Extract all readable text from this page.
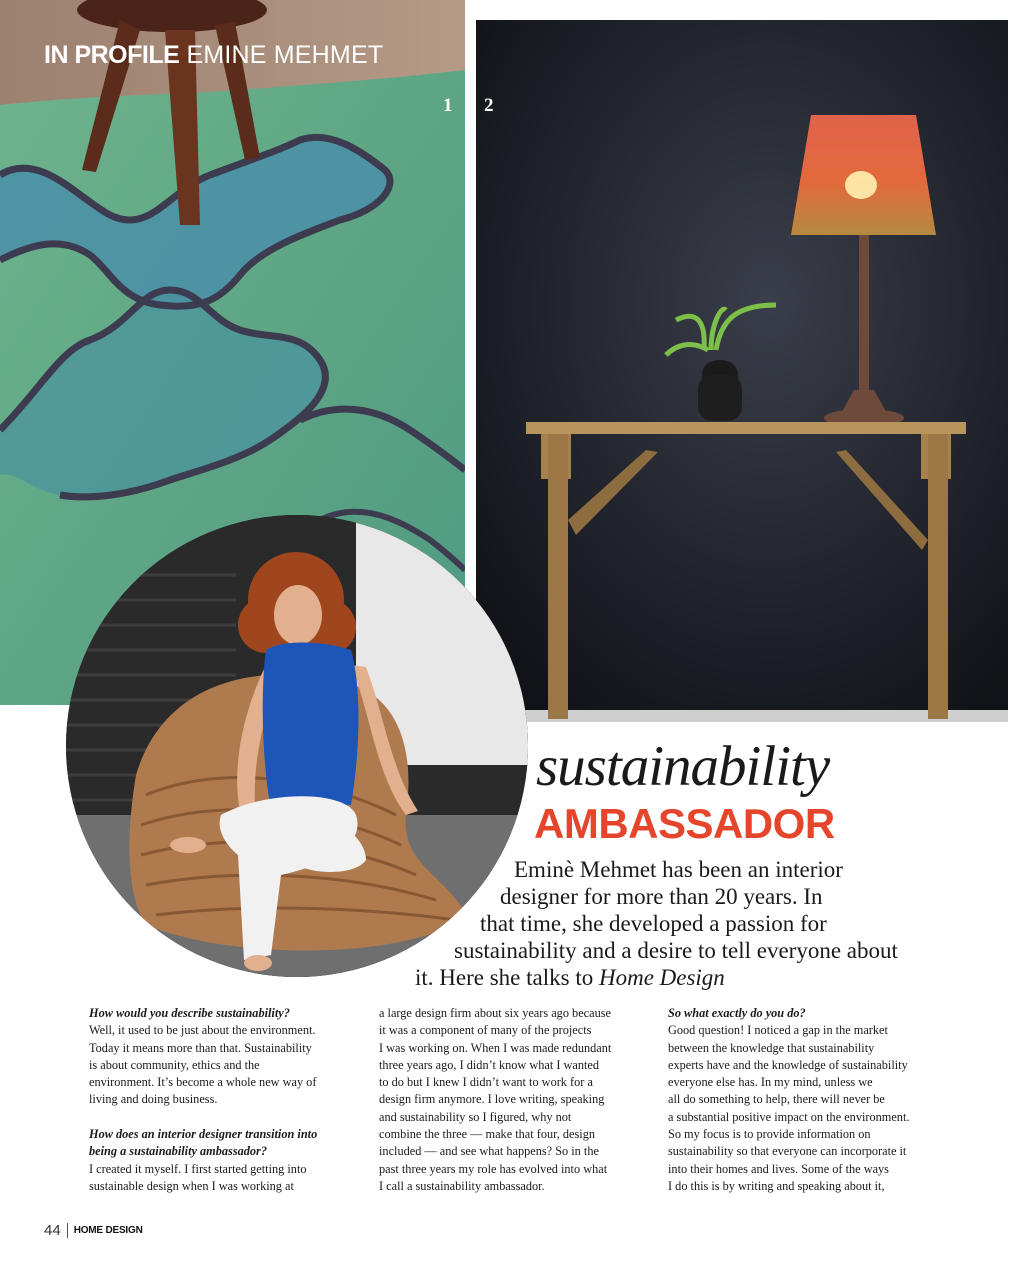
IN PROFILE EMINE MEHMET
1 2
sustainability
AMBASSADOR
Eminè Mehmet has been an interior
designer for more than 20 years. In
that time, she developed a passion for
sustainability and a desire to tell everyone about
it. Here she talks to Home Design
How would you describe sustainability?
Well, it used to be just about the environment.
Today it means more than that. Sustainability
is about community, ethics and the
environment. It’s become a whole new way of
living and doing business.
How does an interior designer transition into
being a sustainability ambassador?
I created it myself. I first started getting into
sustainable design when I was working at
a large design firm about six years ago because
it was a component of many of the projects
I was working on. When I was made redundant
three years ago, I didn’t know what I wanted
to do but I knew I didn’t want to work for a
design firm anymore. I love writing, speaking
and sustainability so I figured, why not
combine the three — make that four, design
included — and see what happens? So in the
past three years my role has evolved into what
I call a sustainability ambassador.
So what exactly do you do?
Good question! I noticed a gap in the market
between the knowledge that sustainability
experts have and the knowledge of sustainability
everyone else has. In my mind, unless we
all do something to help, there will never be
a substantial positive impact on the environment.
So my focus is to provide information on
sustainability so that everyone can incorporate it
into their homes and lives. Some of the ways
I do this is by writing and speaking about it,
44 HOME DESIGN
